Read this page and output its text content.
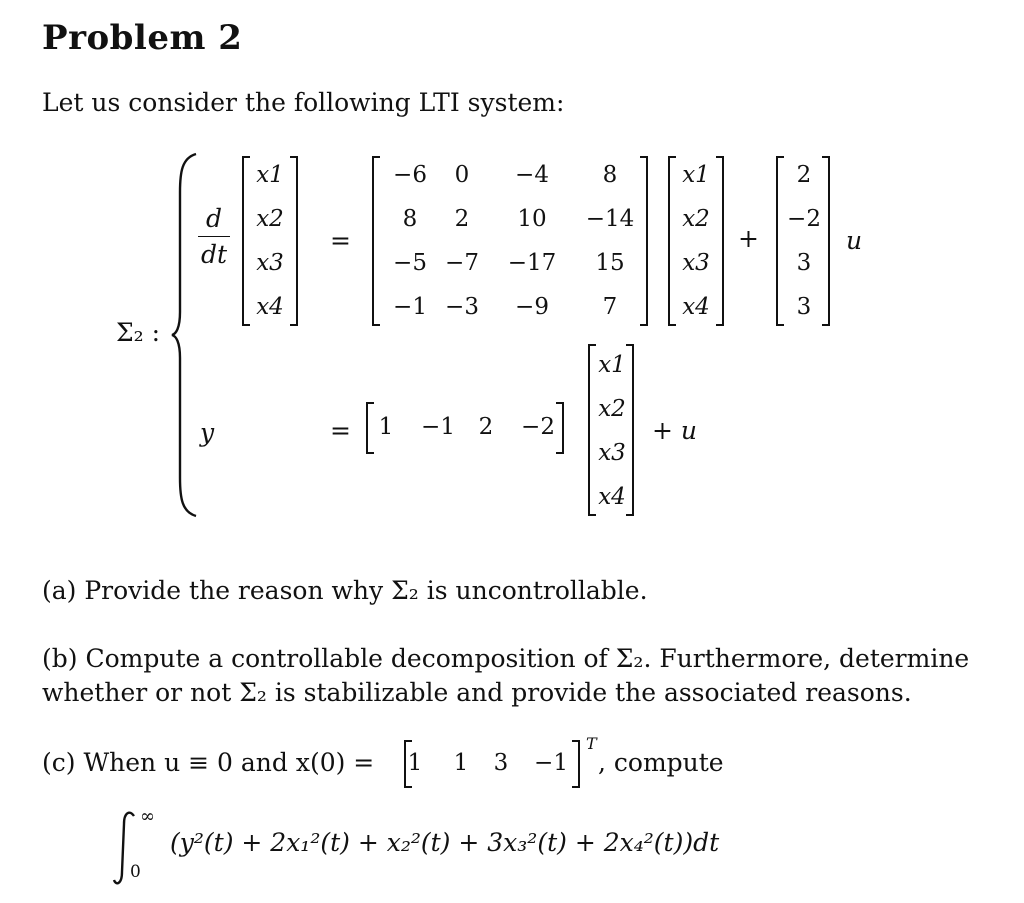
Problem 2
Let us consider the following LTI system:
Σ₂ :
d
dt
x1
x2
x3
x4
=
−6	0	−4	8
8	2	10	−14
−5 −7	−17	15
−1 −3	−9	7
x1
x2
x3
x4
+
2
−2
3
3
u
y	=	1	−1	2	−2
x1
x2
x3
x4
+ u
(a) Provide the reason why Σ₂ is uncontrollable.
(b) Compute a controllable decomposition of Σ₂. Furthermore, determine
whether or not Σ₂ is stabilizable and provide the associated reasons.
(c) When u ≡ 0 and x(0) =	1	1	3	−1
T
, compute
∞
0
(y²(t) + 2x₁²(t) + x₂²(t) + 3x₃²(t) + 2x₄²(t))dt
